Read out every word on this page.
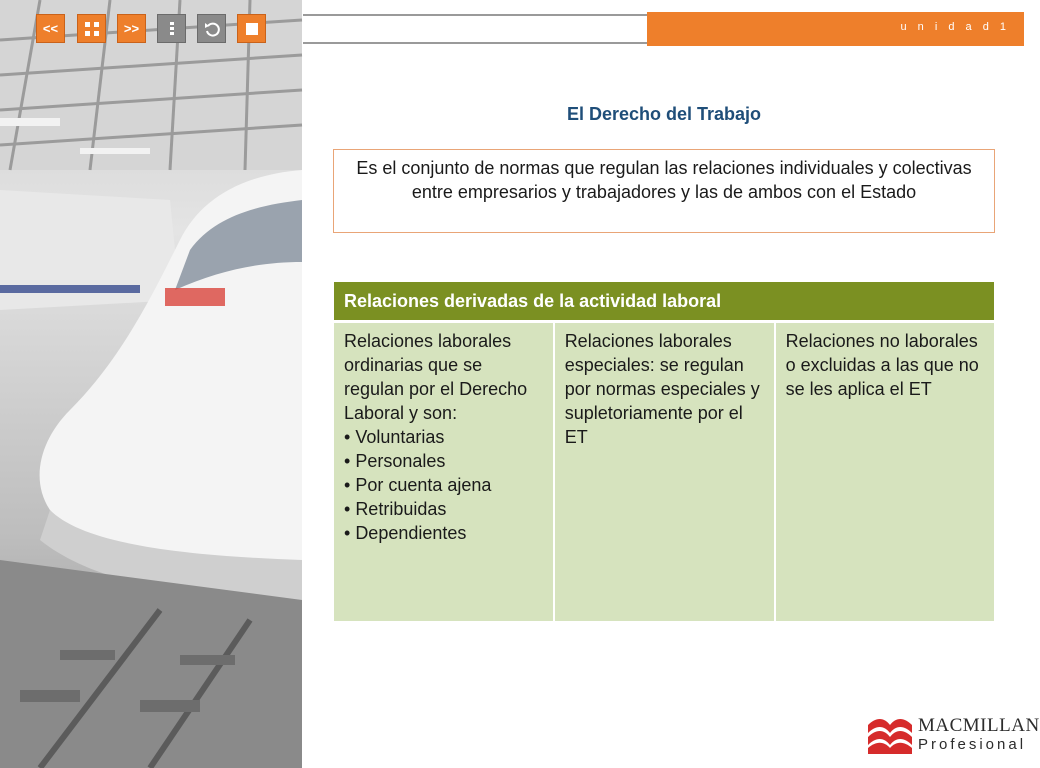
<<	>>	u n i d a d 1
El Derecho del Trabajo
Es el conjunto de normas que regulan las relaciones individuales y colectivas entre empresarios y trabajadores y las de ambos con el Estado
Relaciones derivadas de la actividad laboral

Relaciones laborales ordinarias que se regulan por el Derecho Laboral y son:
• Voluntarias
• Personales
• Por cuenta ajena
• Retribuidas
• Dependientes

Relaciones laborales especiales: se regulan por normas especiales y supletoriamente por el ET

Relaciones no laborales o excluidas a las que no se les aplica el ET
MACMILLAN
Profesional
